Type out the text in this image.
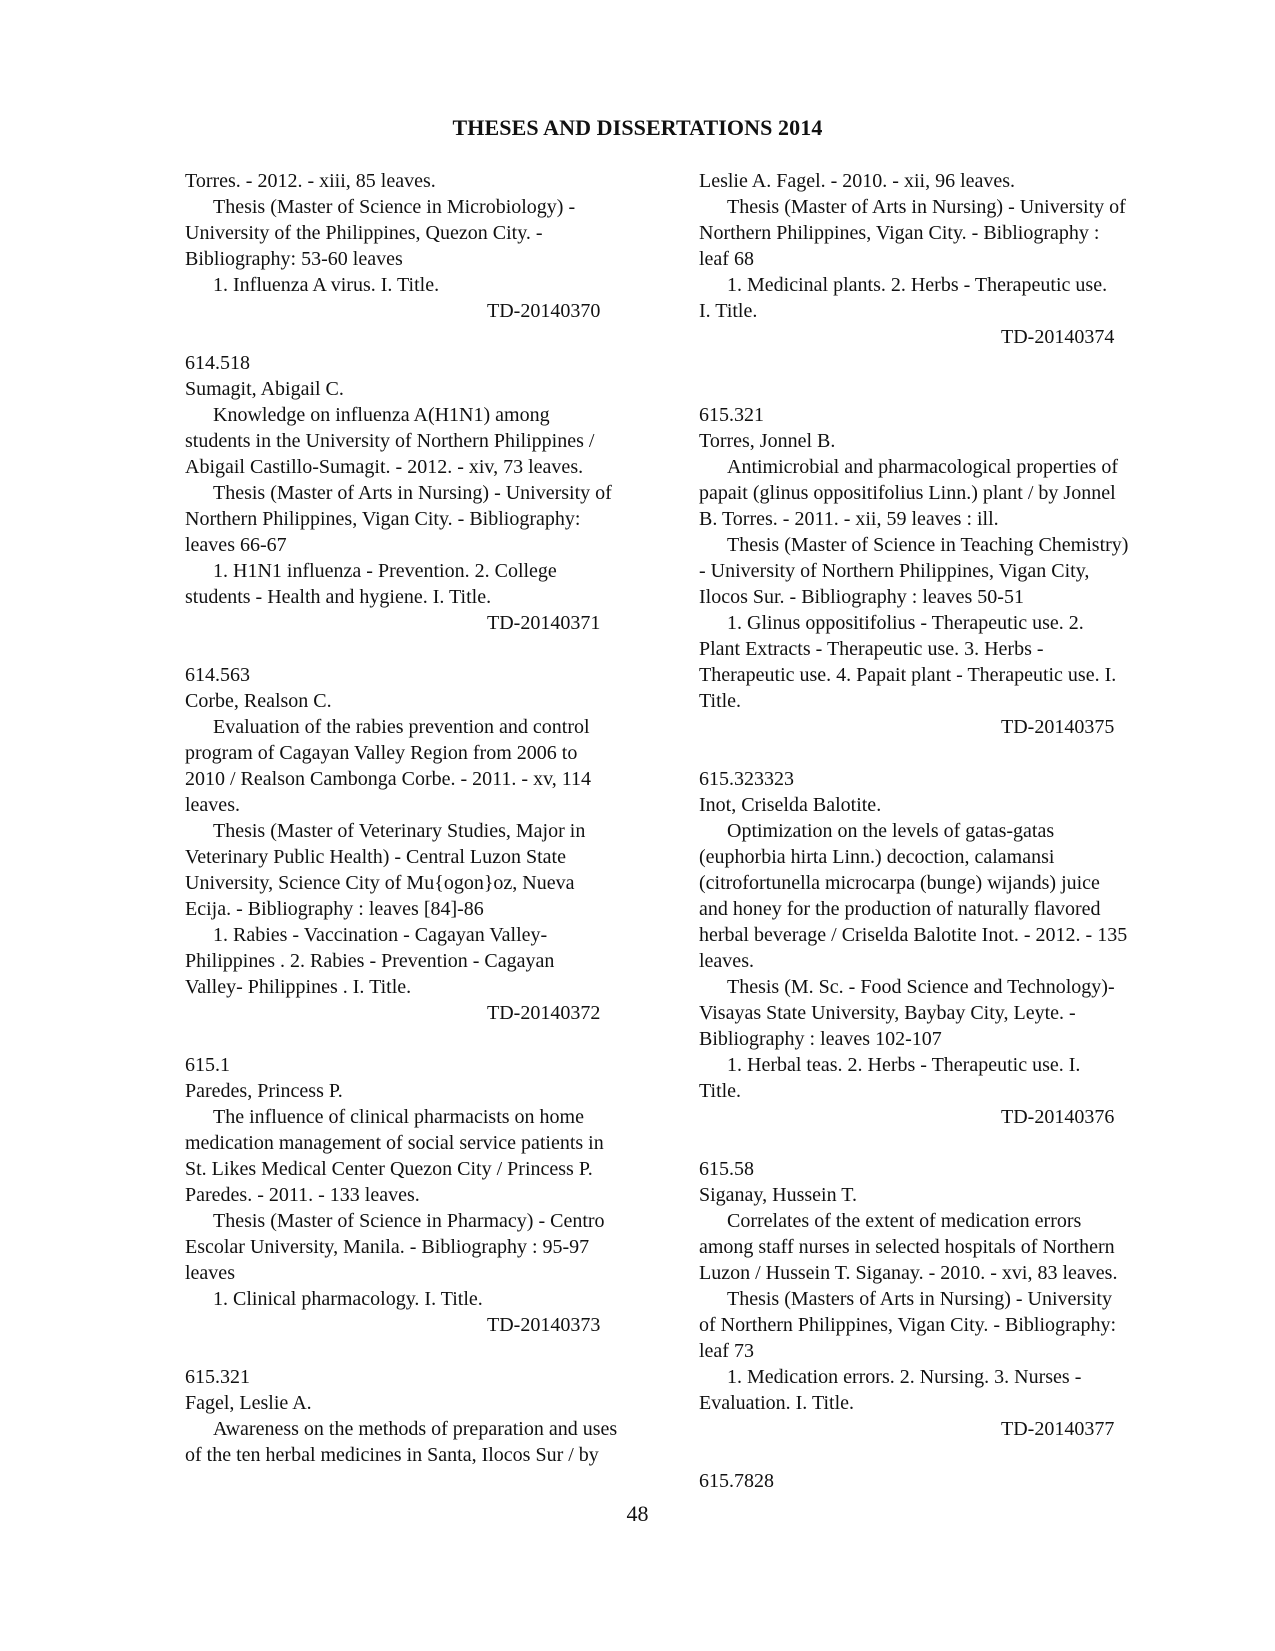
THESES AND DISSERTATIONS 2014
Torres. - 2012. - xiii, 85 leaves.
Thesis (Master of Science in Microbiology) -
University of the Philippines, Quezon City. -
Bibliography: 53-60 leaves
1. Influenza A virus. I. Title.
TD-20140370
614.518
Sumagit, Abigail C.
Knowledge on influenza A(H1N1) among
students in the University of Northern Philippines /
Abigail Castillo-Sumagit. - 2012. - xiv, 73 leaves.
Thesis (Master of Arts in Nursing) - University of
Northern Philippines, Vigan City. - Bibliography:
leaves 66-67
1. H1N1 influenza - Prevention. 2. College
students - Health and hygiene. I. Title.
TD-20140371
614.563
Corbe, Realson C.
Evaluation of the rabies prevention and control
program of Cagayan Valley Region from 2006 to
2010 / Realson Cambonga Corbe. - 2011. - xv, 114
leaves.
Thesis (Master of Veterinary Studies, Major in
Veterinary Public Health) - Central Luzon State
University, Science City of Mu{ogon}oz, Nueva
Ecija. - Bibliography : leaves [84]-86
1. Rabies - Vaccination - Cagayan Valley-
Philippines . 2. Rabies - Prevention - Cagayan
Valley- Philippines . I. Title.
TD-20140372
615.1
Paredes, Princess P.
The influence of clinical pharmacists on home
medication management of social service patients in
St. Likes Medical Center Quezon City / Princess P.
Paredes. - 2011. - 133 leaves.
Thesis (Master of Science in Pharmacy) - Centro
Escolar University, Manila. - Bibliography : 95-97
leaves
1. Clinical pharmacology. I. Title.
TD-20140373
615.321
Fagel, Leslie A.
Awareness on the methods of preparation and uses
of the ten herbal medicines in Santa, Ilocos Sur / by
Leslie A. Fagel. - 2010. - xii, 96 leaves.
Thesis (Master of Arts in Nursing) - University of
Northern Philippines, Vigan City. - Bibliography :
leaf 68
1. Medicinal plants. 2. Herbs - Therapeutic use.
I. Title.
TD-20140374
615.321
Torres, Jonnel B.
Antimicrobial and pharmacological properties of
papait (glinus oppositifolius Linn.) plant / by Jonnel
B. Torres. - 2011. - xii, 59 leaves : ill.
Thesis (Master of Science in Teaching Chemistry)
- University of Northern Philippines, Vigan City,
Ilocos Sur. - Bibliography : leaves 50-51
1. Glinus oppositifolius - Therapeutic use. 2.
Plant Extracts - Therapeutic use. 3. Herbs -
Therapeutic use. 4. Papait plant - Therapeutic use. I.
Title.
TD-20140375
615.323323
Inot, Criselda Balotite.
Optimization on the levels of gatas-gatas
(euphorbia hirta Linn.) decoction, calamansi
(citrofortunella microcarpa (bunge) wijands) juice
and honey for the production of naturally flavored
herbal beverage / Criselda Balotite Inot. - 2012. - 135
leaves.
Thesis (M. Sc. - Food Science and Technology)-
Visayas State University, Baybay City, Leyte. -
Bibliography : leaves 102-107
1. Herbal teas. 2. Herbs - Therapeutic use. I.
Title.
TD-20140376
615.58
Siganay, Hussein T.
Correlates of the extent of medication errors
among staff nurses in selected hospitals of Northern
Luzon / Hussein T. Siganay. - 2010. - xvi, 83 leaves.
Thesis (Masters of Arts in Nursing) - University
of Northern Philippines, Vigan City. - Bibliography:
leaf 73
1. Medication errors. 2. Nursing. 3. Nurses -
Evaluation. I. Title.
TD-20140377
615.7828
48
